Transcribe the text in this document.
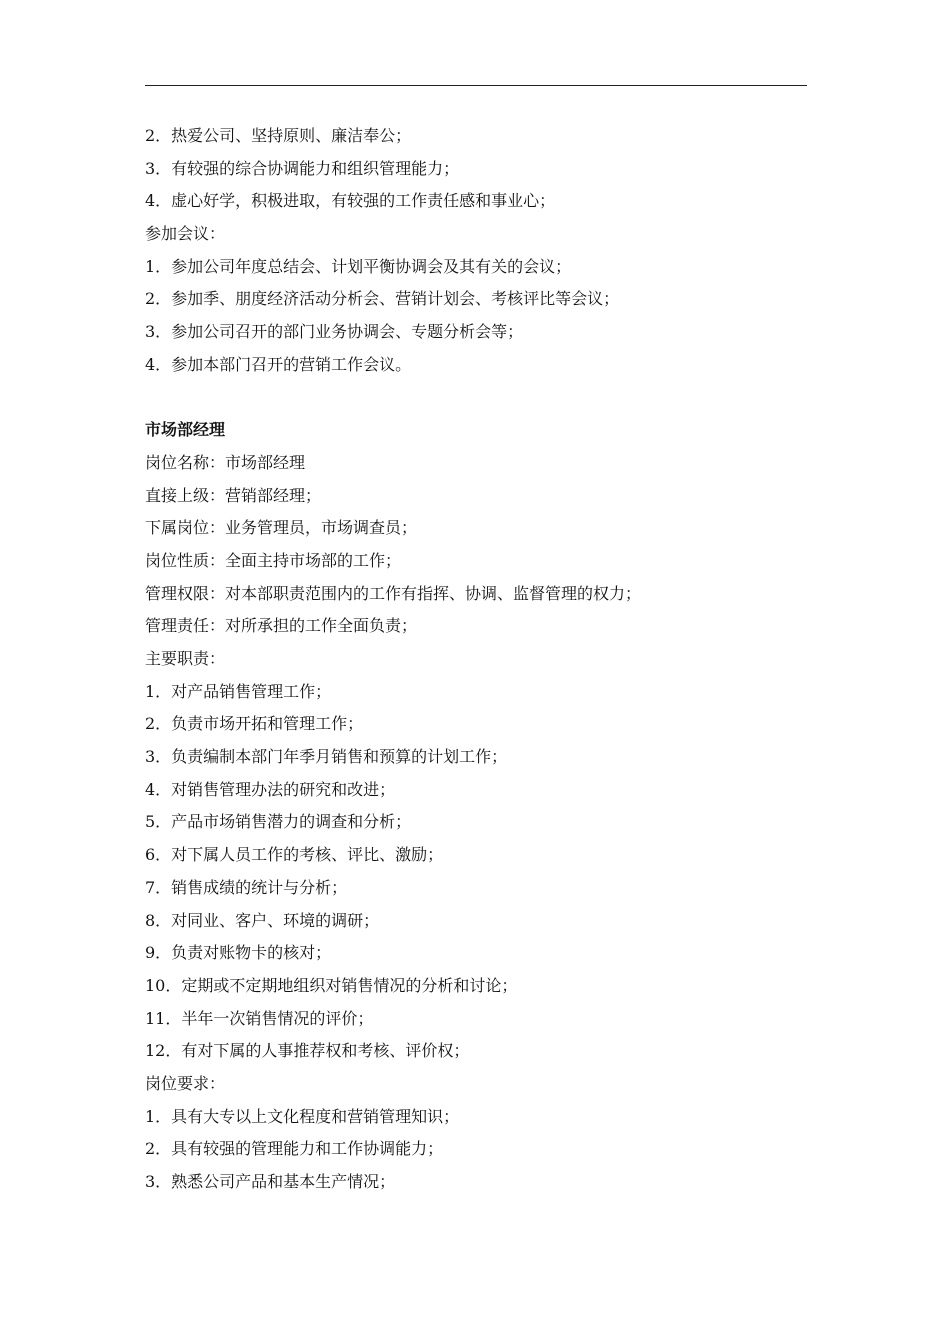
2．热爱公司、坚持原则、廉洁奉公；
3．有较强的综合协调能力和组织管理能力；
4．虚心好学，积极进取，有较强的工作责任感和事业心；
参加会议：
1．参加公司年度总结会、计划平衡协调会及其有关的会议；
2．参加季、朋度经济活动分析会、营销计划会、考核评比等会议；
3．参加公司召开的部门业务协调会、专题分析会等；
4．参加本部门召开的营销工作会议。
市场部经理
岗位名称：市场部经理
直接上级：营销部经理；
下属岗位：业务管理员，市场调查员；
岗位性质：全面主持市场部的工作；
管理权限：对本部职责范围内的工作有指挥、协调、监督管理的权力；
管理责任：对所承担的工作全面负责；
主要职责：
1．对产品销售管理工作；
2．负责市场开拓和管理工作；
3．负责编制本部门年季月销售和预算的计划工作；
4．对销售管理办法的研究和改进；
5．产品市场销售潜力的调查和分析；
6．对下属人员工作的考核、评比、激励；
7．销售成绩的统计与分析；
8．对同业、客户、环境的调研；
9．负责对账物卡的核对；
10．定期或不定期地组织对销售情况的分析和讨论；
11．半年一次销售情况的评价；
12．有对下属的人事推荐权和考核、评价权；
岗位要求：
1．具有大专以上文化程度和营销管理知识；
2．具有较强的管理能力和工作协调能力；
3．熟悉公司产品和基本生产情况；
